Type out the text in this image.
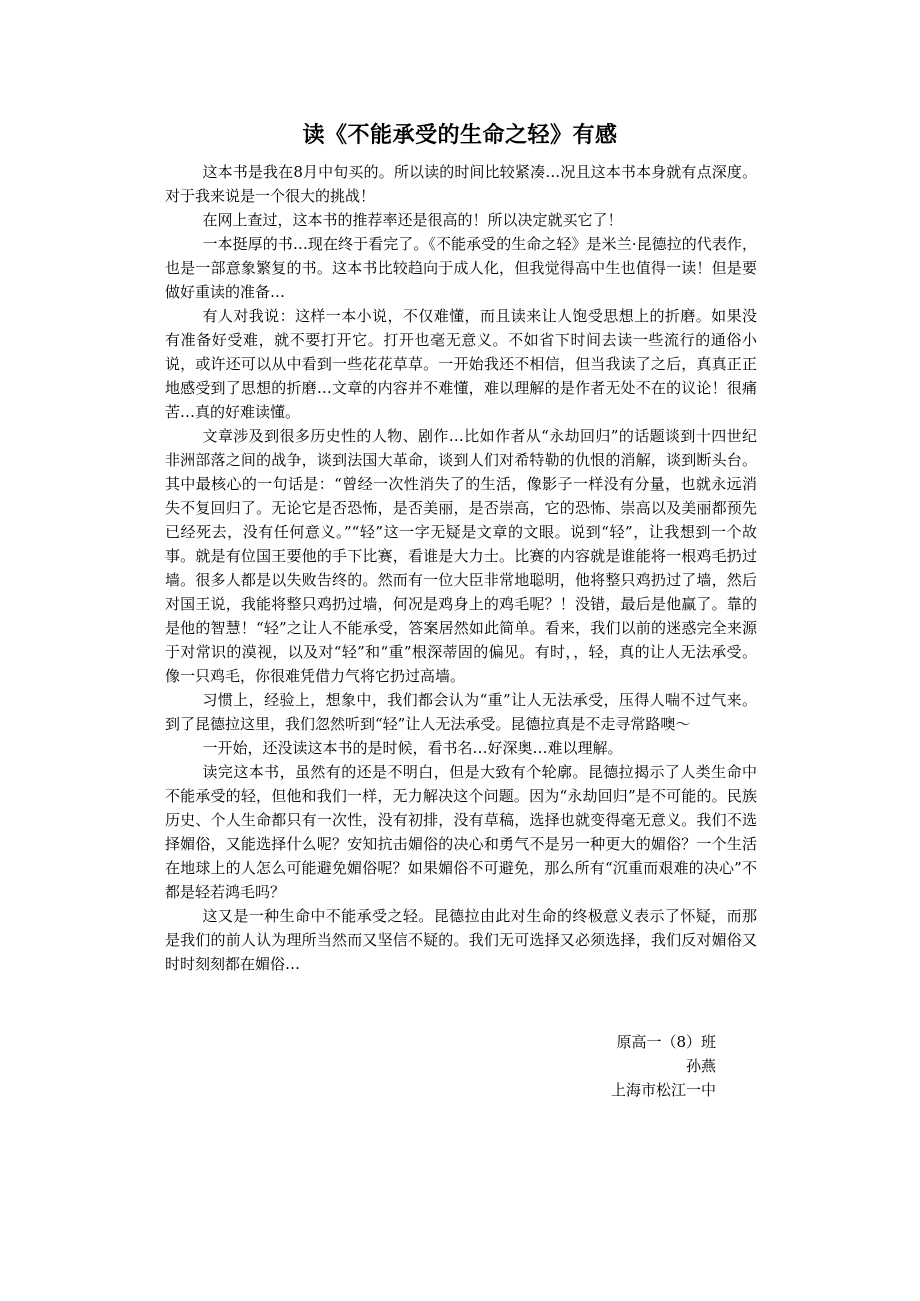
读《不能承受的生命之轻》有感

这本书是我在8月中旬买的。所以读的时间比较紧凑…况且这本书本身就有点深度。对于我来说是一个很大的挑战！

在网上查过，这本书的推荐率还是很高的！所以决定就买它了！

一本挺厚的书…现在终于看完了。《不能承受的生命之轻》是米兰·昆德拉的代表作，也是一部意象繁复的书。这本书比较趋向于成人化，但我觉得高中生也值得一读！但是要做好重读的准备…

有人对我说：这样一本小说，不仅难懂，而且读来让人饱受思想上的折磨。如果没有准备好受难，就不要打开它。打开也毫无意义。不如省下时间去读一些流行的通俗小说，或许还可以从中看到一些花花草草。一开始我还不相信，但当我读了之后，真真正正地感受到了思想的折磨…文章的内容并不难懂，难以理解的是作者无处不在的议论！很痛苦…真的好难读懂。

文章涉及到很多历史性的人物、剧作…比如作者从“永劫回归”的话题谈到十四世纪非洲部落之间的战争，谈到法国大革命，谈到人们对希特勒的仇恨的消解，谈到断头台。其中最核心的一句话是：“曾经一次性消失了的生活，像影子一样没有分量，也就永远消失不复回归了。无论它是否恐怖，是否美丽，是否崇高，它的恐怖、崇高以及美丽都预先已经死去，没有任何意义。”“轻”这一字无疑是文章的文眼。说到“轻”，让我想到一个故事。就是有位国王要他的手下比赛，看谁是大力士。比赛的内容就是谁能将一根鸡毛扔过墙。很多人都是以失败告终的。然而有一位大臣非常地聪明，他将整只鸡扔过了墙，然后对国王说，我能将整只鸡扔过墙，何况是鸡身上的鸡毛呢？！没错，最后是他赢了。靠的是他的智慧！“轻”之让人不能承受，答案居然如此简单。看来，我们以前的迷惑完全来源于对常识的漠视，以及对“轻”和“重”根深蒂固的偏见。有时，，轻，真的让人无法承受。像一只鸡毛，你很难凭借力气将它扔过高墙。

习惯上，经验上，想象中，我们都会认为“重”让人无法承受，压得人喘不过气来。到了昆德拉这里，我们忽然听到“轻”让人无法承受。昆德拉真是不走寻常路噢～

一开始，还没读这本书的是时候，看书名…好深奥…难以理解。

读完这本书，虽然有的还是不明白，但是大致有个轮廓。昆德拉揭示了人类生命中不能承受的轻，但他和我们一样，无力解决这个问题。因为“永劫回归”是不可能的。民族历史、个人生命都只有一次性，没有初排，没有草稿，选择也就变得毫无意义。我们不选择媚俗，又能选择什么呢？安知抗击媚俗的决心和勇气不是另一种更大的媚俗？一个生活在地球上的人怎么可能避免媚俗呢？如果媚俗不可避免，那么所有“沉重而艰难的决心”不都是轻若鸿毛吗？

这又是一种生命中不能承受之轻。昆德拉由此对生命的终极意义表示了怀疑，而那是我们的前人认为理所当然而又坚信不疑的。我们无可选择又必须选择，我们反对媚俗又时时刻刻都在媚俗…

原高一（8）班
孙燕
上海市松江一中
